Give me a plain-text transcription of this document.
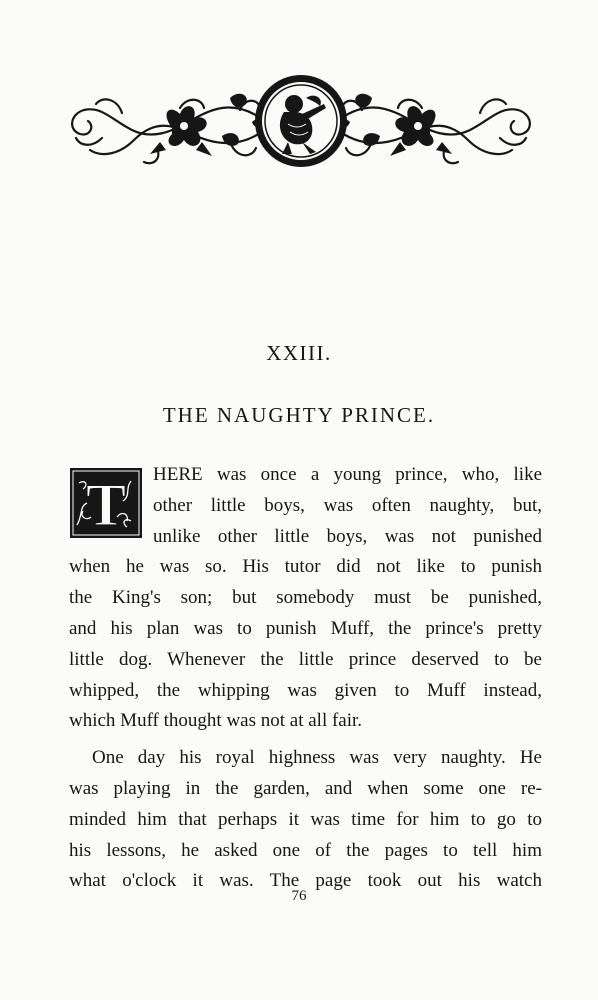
XXIII.
THE NAUGHTY PRINCE.
T HERE was once a young prince, who, like
other little boys, was often naughty, but,
unlike other little boys, was not punished
when he was so. His tutor did not like to punish
the King's son; but somebody must be punished,
and his plan was to punish Muff, the prince's pretty
little dog. Whenever the little prince deserved to be
whipped, the whipping was given to Muff instead,
which Muff thought was not at all fair.
One day his royal highness was very naughty. He
was playing in the garden, and when some one re-
minded him that perhaps it was time for him to go to
his lessons, he asked one of the pages to tell him
what o'clock it was. The page took out his watch
76
